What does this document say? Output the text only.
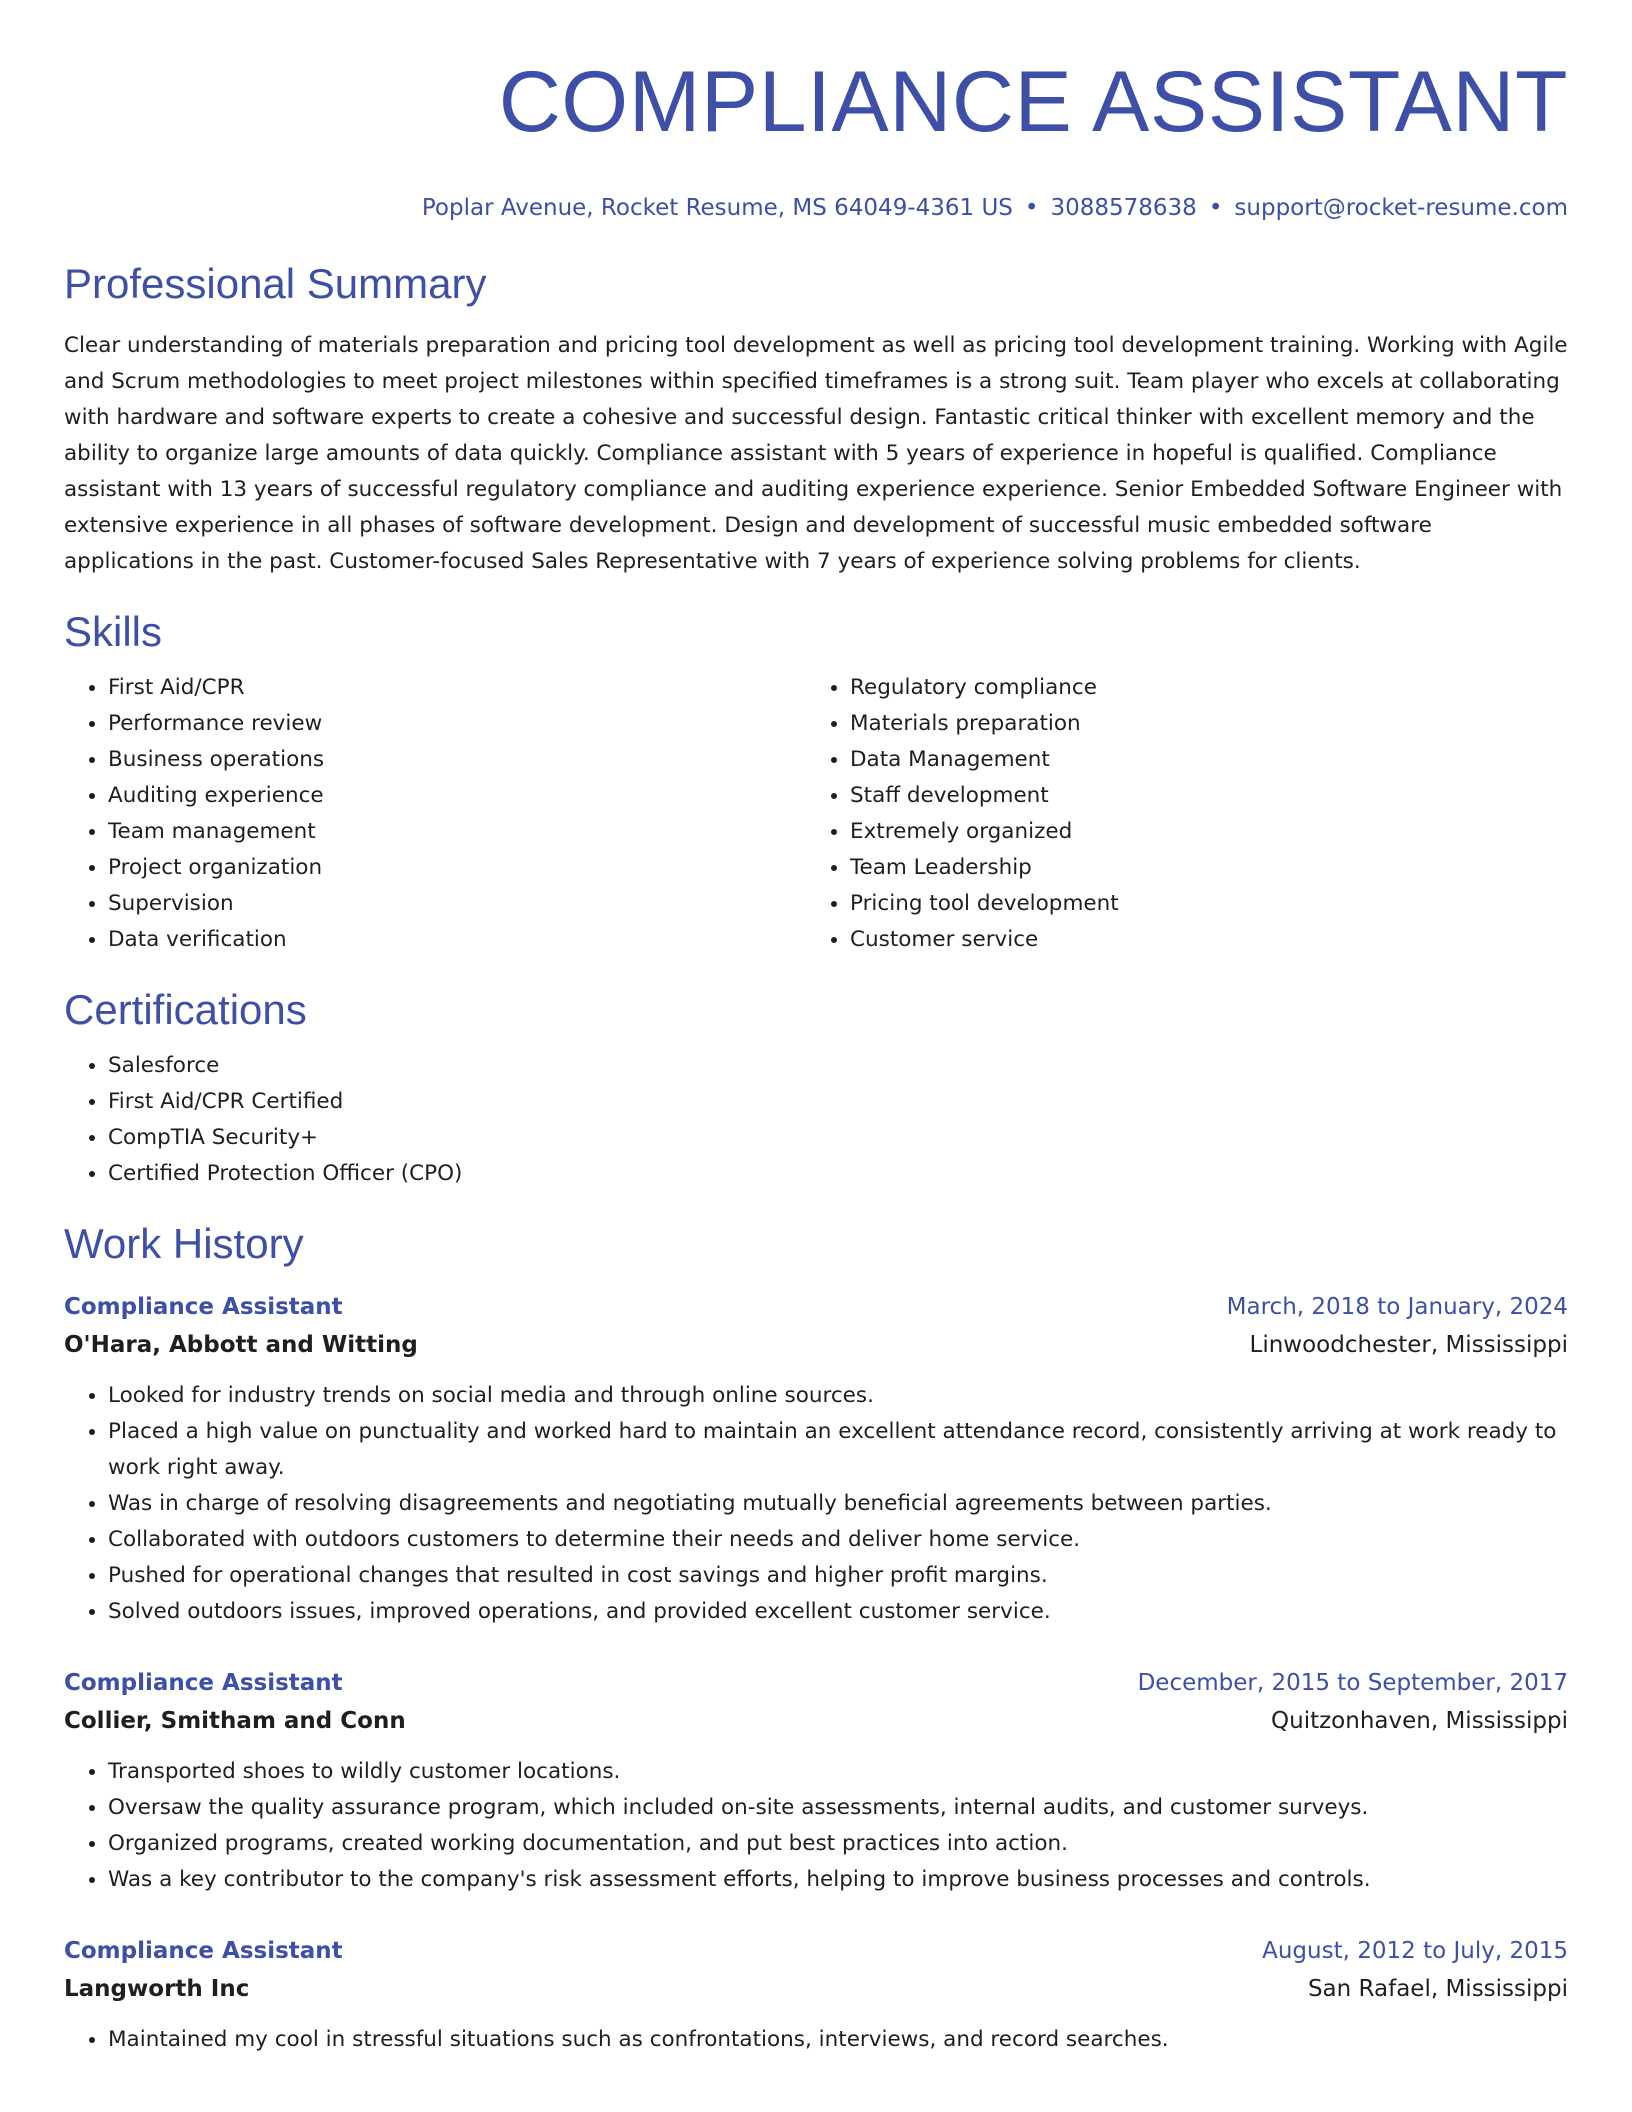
COMPLIANCE ASSISTANT
Poplar Avenue, Rocket Resume, MS 64049-4361 US • 3088578638 • support@rocket-resume.com
Professional Summary

Clear understanding of materials preparation and pricing tool development as well as pricing tool development training. Working with Agile and Scrum methodologies to meet project milestones within specified timeframes is a strong suit. Team player who excels at collaborating with hardware and software experts to create a cohesive and successful design. Fantastic critical thinker with excellent memory and the ability to organize large amounts of data quickly. Compliance assistant with 5 years of experience in hopeful is qualified. Compliance assistant with 13 years of successful regulatory compliance and auditing experience experience. Senior Embedded Software Engineer with extensive experience in all phases of software development. Design and development of successful music embedded software applications in the past. Customer-focused Sales Representative with 7 years of experience solving problems for clients.

Skills
• First Aid/CPR
• Performance review
• Business operations
• Auditing experience
• Team management
• Project organization
• Supervision
• Data verification
• Regulatory compliance
• Materials preparation
• Data Management
• Staff development
• Extremely organized
• Team Leadership
• Pricing tool development
• Customer service
Certifications
• Salesforce
• First Aid/CPR Certified
• CompTIA Security+
• Certified Protection Officer (CPO)
Work History
Compliance Assistant	March, 2018 to January, 2024
O'Hara, Abbott and Witting	Linwoodchester, Mississippi
• Looked for industry trends on social media and through online sources.
• Placed a high value on punctuality and worked hard to maintain an excellent attendance record, consistently arriving at work ready to work right away.
• Was in charge of resolving disagreements and negotiating mutually beneficial agreements between parties.
• Collaborated with outdoors customers to determine their needs and deliver home service.
• Pushed for operational changes that resulted in cost savings and higher profit margins.
• Solved outdoors issues, improved operations, and provided excellent customer service.
Compliance Assistant	December, 2015 to September, 2017
Collier, Smitham and Conn	Quitzonhaven, Mississippi
• Transported shoes to wildly customer locations.
• Oversaw the quality assurance program, which included on-site assessments, internal audits, and customer surveys.
• Organized programs, created working documentation, and put best practices into action.
• Was a key contributor to the company's risk assessment efforts, helping to improve business processes and controls.
Compliance Assistant	August, 2012 to July, 2015
Langworth Inc	San Rafael, Mississippi
• Maintained my cool in stressful situations such as confrontations, interviews, and record searches.
